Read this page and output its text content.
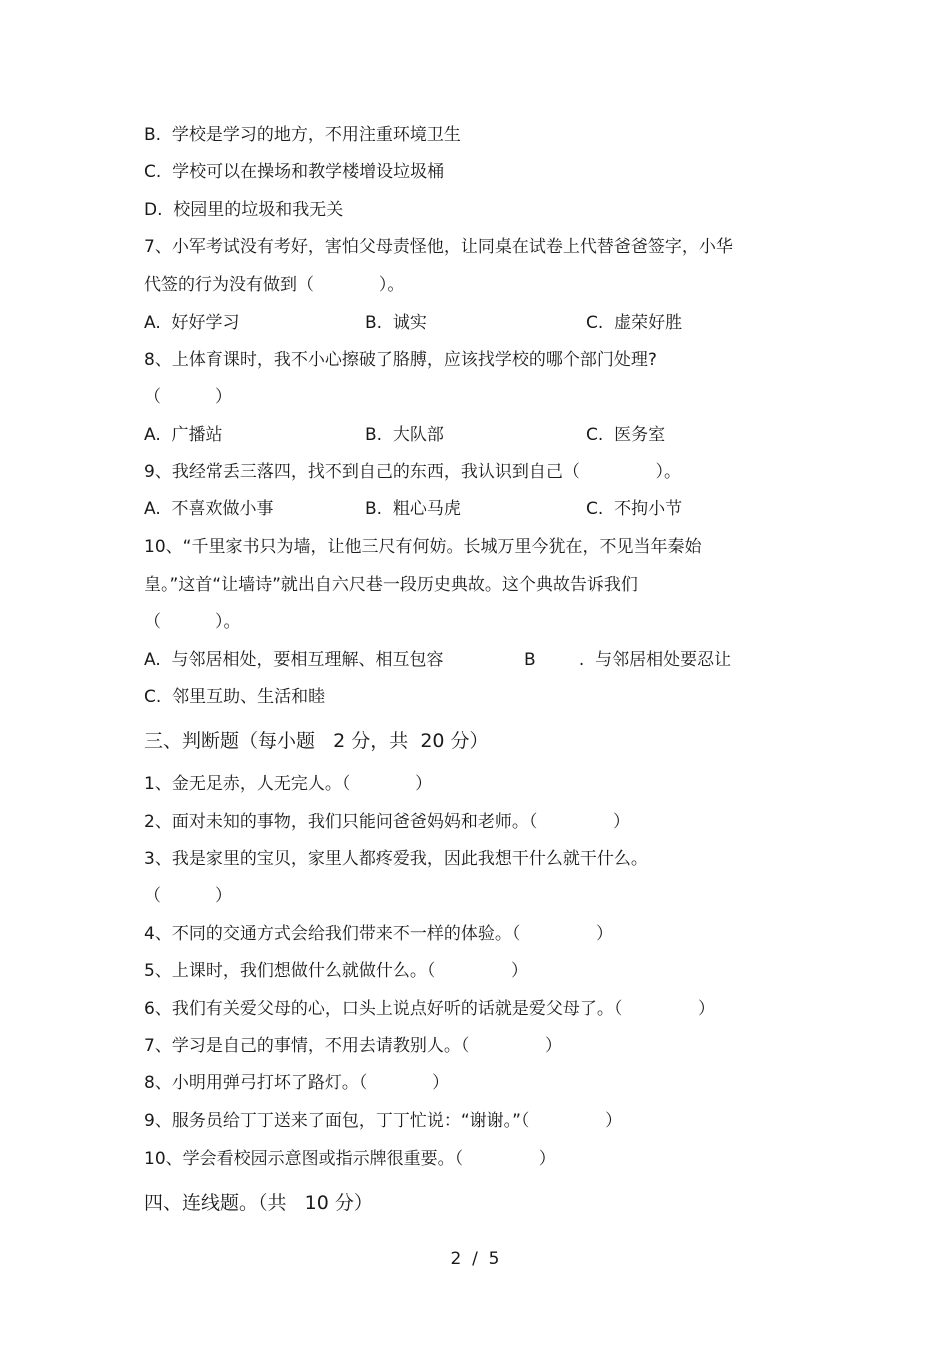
B.  学校是学习的地方，不用注重环境卫生
C.  学校可以在操场和教学楼增设垃圾桶
D.  校园里的垃圾和我无关
7、小军考试没有考好，害怕父母责怪他，让同桌在试卷上代替爸爸签字，小华
代签的行为没有做到（            ）。
A.  好好学习	B.  诚实	C.  虚荣好胜
8、上体育课时，我不小心擦破了胳膊，应该找学校的哪个部门处理?
（          ）
A.  广播站	B.  大队部	C.  医务室
9、我经常丢三落四，找不到自己的东西，我认识到自己（              ）。
A.  不喜欢做小事	B.  粗心马虎	C.  不拘小节
10、“千里家书只为墙，让他三尺有何妨。长城万里今犹在，不见当年秦始
皇。”这首“让墙诗”就出自六尺巷一段历史典故。这个典故告诉我们
（          ）。
A.  与邻居相处，要相互理解、相互包容	B        .  与邻居相处要忍让
C.  邻里互助、生活和睦
三、判断题（每小题   2 分，共  20 分）
1、金无足赤，人无完人。（            ）
2、面对未知的事物，我们只能问爸爸妈妈和老师。（              ）
3、我是家里的宝贝，家里人都疼爱我，因此我想干什么就干什么。
（          ）
4、不同的交通方式会给我们带来不一样的体验。（              ）
5、上课时，我们想做什么就做什么。（              ）
6、我们有关爱父母的心，口头上说点好听的话就是爱父母了。（              ）
7、学习是自己的事情，不用去请教别人。（              ）
8、小明用弹弓打坏了路灯。（            ）
9、服务员给丁丁送来了面包，丁丁忙说：“谢谢。”（              ）
10、学会看校园示意图或指示牌很重要。（              ）
四、连线题。（共   10 分）
2  /  5
